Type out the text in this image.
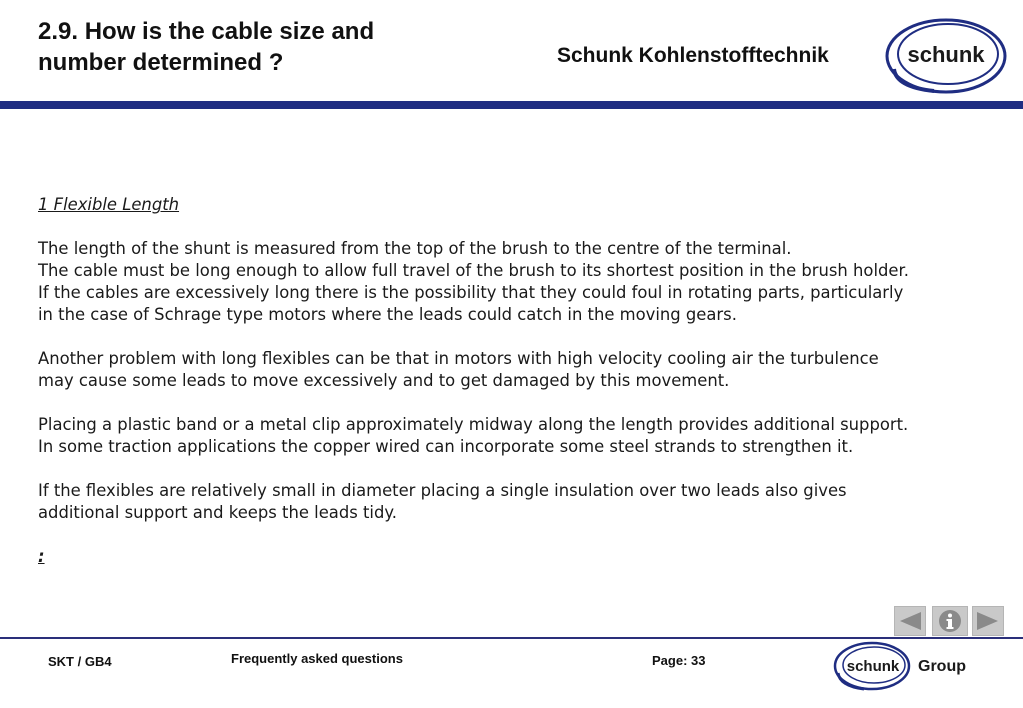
2.9. How is the cable size and
number determined ?	Schunk Kohlenstofftechnik	schunk

1 Flexible Length

The length of the shunt is measured from the top of the brush to the centre of the terminal.
The cable must be long enough to allow full travel of the brush to its shortest position in the brush holder.
If the cables are excessively long there is the possibility that they could foul in rotating parts, particularly
in the case of Schrage type motors where the leads could catch in the moving gears.

Another problem with long flexibles can be that in motors with high velocity cooling air the turbulence
may cause some leads to move excessively and to get damaged by this movement.

Placing a plastic band or a metal clip approximately midway along the length provides additional support.
In some traction applications the copper wired can incorporate some steel strands to strengthen it.

If the flexibles are relatively small in diameter placing a single insulation over two leads also gives
additional support and keeps the leads tidy.

:

SKT / GB4	Frequently asked questions	Page: 33	schunk Group
